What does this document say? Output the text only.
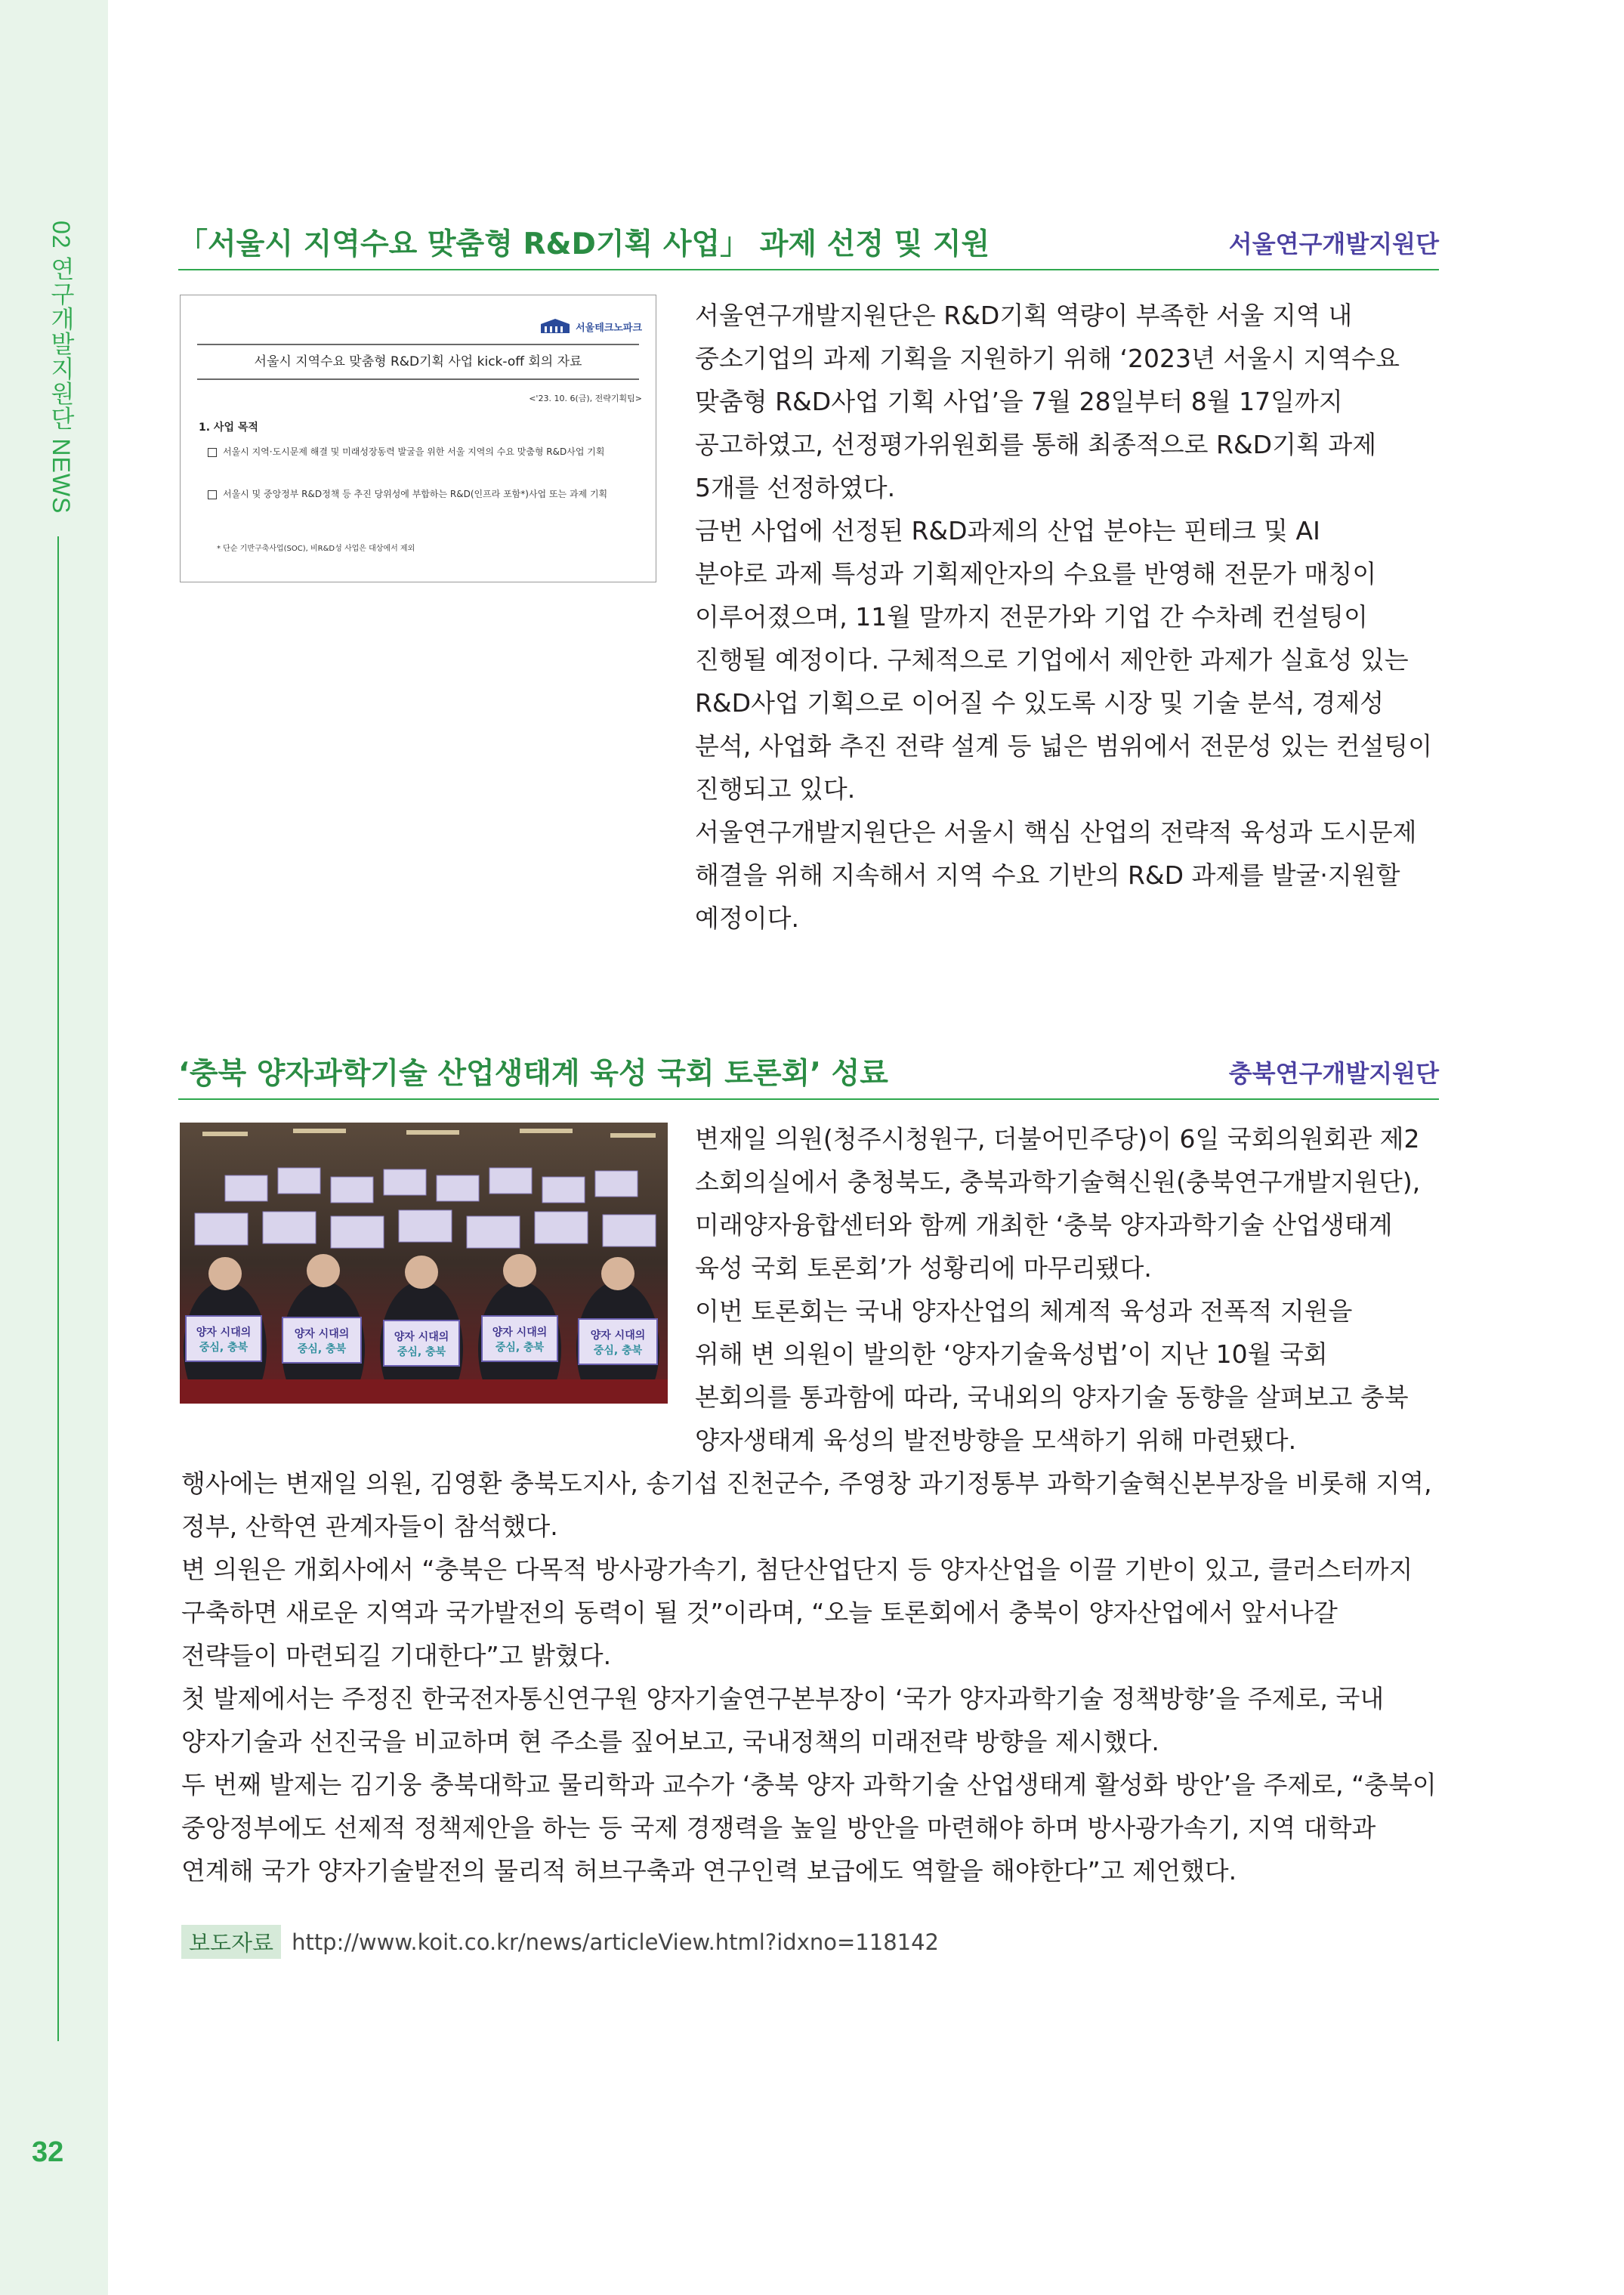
02 연구개발지원단 NEWS
32
「서울시 지역수요 맞춤형 R&D기획 사업」 과제 선정 및 지원	서울연구개발지원단
서울테크노파크
서울시 지역수요 맞춤형 R&D기획 사업 kick-off 회의 자료
<'23. 10. 6(금), 전략기획팀>
1. 사업 목적
서울시 지역·도시문제 해결 및 미래성장동력 발굴을 위한 서울 지역의 수요 맞춤형 R&D사업 기획
서울시 및 중앙정부 R&D정책 등 추진 당위성에 부합하는 R&D(인프라 포함*)사업 또는 과제 기획
* 단순 기반구축사업(SOC), 비R&D성 사업은 대상에서 제외
서울연구개발지원단은 R&D기획 역량이 부족한 서울 지역 내
중소기업의 과제 기획을 지원하기 위해 ‘2023년 서울시 지역수요
맞춤형 R&D사업 기획 사업’을 7월 28일부터 8월 17일까지
공고하였고, 선정평가위원회를 통해 최종적으로 R&D기획 과제
5개를 선정하였다.
금번 사업에 선정된 R&D과제의 산업 분야는 핀테크 및 AI
분야로 과제 특성과 기획제안자의 수요를 반영해 전문가 매칭이
이루어졌으며, 11월 말까지 전문가와 기업 간 수차례 컨설팅이
진행될 예정이다. 구체적으로 기업에서 제안한 과제가 실효성 있는
R&D사업 기획으로 이어질 수 있도록 시장 및 기술 분석, 경제성
분석, 사업화 추진 전략 설계 등 넓은 범위에서 전문성 있는 컨설팅이
진행되고 있다.
서울연구개발지원단은 서울시 핵심 산업의 전략적 육성과 도시문제
해결을 위해 지속해서 지역 수요 기반의 R&D 과제를 발굴·지원할
예정이다.
‘충북 양자과학기술 산업생태계 육성 국회 토론회’ 성료	충북연구개발지원단
양자 시대의
중심, 충북
양자 시대의
중심, 충북
양자 시대의
중심, 충북
양자 시대의
중심, 충북
양자 시대의
중심, 충북
변재일 의원(청주시청원구, 더불어민주당)이 6일 국회의원회관 제2
소회의실에서 충청북도, 충북과학기술혁신원(충북연구개발지원단),
미래양자융합센터와 함께 개최한 ‘충북 양자과학기술 산업생태계
육성 국회 토론회’가 성황리에 마무리됐다.
이번 토론회는 국내 양자산업의 체계적 육성과 전폭적 지원을
위해 변 의원이 발의한 ‘양자기술육성법’이 지난 10월 국회
본회의를 통과함에 따라, 국내외의 양자기술 동향을 살펴보고 충북
양자생태계 육성의 발전방향을 모색하기 위해 마련됐다.
행사에는 변재일 의원, 김영환 충북도지사, 송기섭 진천군수, 주영창 과기정통부 과학기술혁신본부장을 비롯해 지역,
정부, 산학연 관계자들이 참석했다.
변 의원은 개회사에서 “충북은 다목적 방사광가속기, 첨단산업단지 등 양자산업을 이끌 기반이 있고, 클러스터까지
구축하면 새로운 지역과 국가발전의 동력이 될 것”이라며, “오늘 토론회에서 충북이 양자산업에서 앞서나갈
전략들이 마련되길 기대한다”고 밝혔다.
첫 발제에서는 주정진 한국전자통신연구원 양자기술연구본부장이 ‘국가 양자과학기술 정책방향’을 주제로, 국내
양자기술과 선진국을 비교하며 현 주소를 짚어보고, 국내정책의 미래전략 방향을 제시했다.
두 번째 발제는 김기웅 충북대학교 물리학과 교수가 ‘충북 양자 과학기술 산업생태계 활성화 방안’을 주제로, “충북이
중앙정부에도 선제적 정책제안을 하는 등 국제 경쟁력을 높일 방안을 마련해야 하며 방사광가속기, 지역 대학과
연계해 국가 양자기술발전의 물리적 허브구축과 연구인력 보급에도 역할을 해야한다”고 제언했다.
보도자료 http://www.koit.co.kr/news/articleView.html?idxno=118142
